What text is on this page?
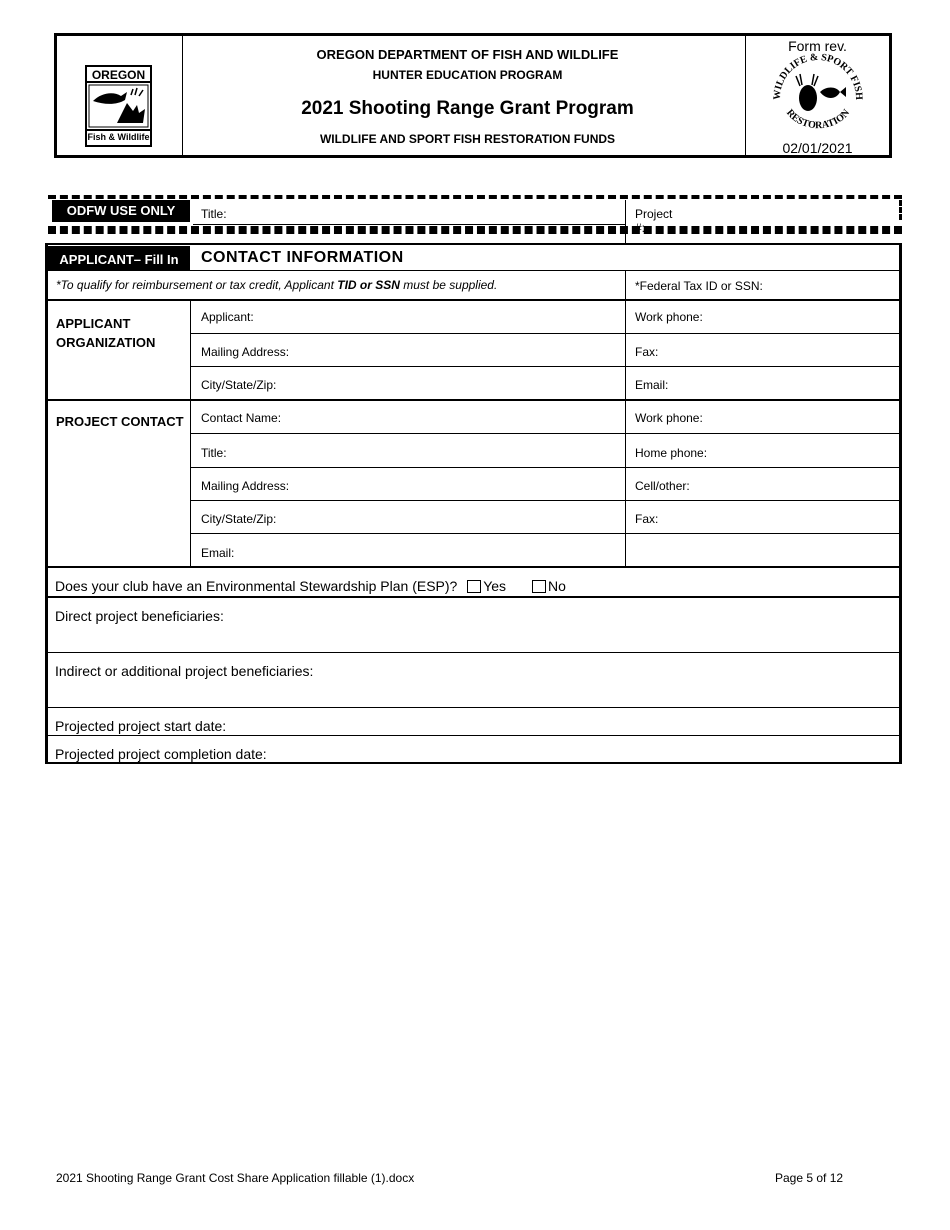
OREGON
Fish & Wildlife
OREGON DEPARTMENT OF FISH AND WILDLIFE
HUNTER EDUCATION PROGRAM
2021 Shooting Range Grant Program
WILDLIFE AND SPORT FISH RESTORATION FUNDS
Form rev.
WILDLIFE & SPORT FISH
RESTORATION
02/01/2021
ODFW USE ONLY	Title:	Project #:
APPLICANT– Fill In	CONTACT INFORMATION
*To qualify for reimbursement or tax credit, Applicant TID or SSN must be supplied.	*Federal Tax ID or SSN:
APPLICANT
ORGANIZATION
Applicant:	Work phone:
Mailing Address:	Fax:
City/State/Zip:	Email:
PROJECT CONTACT Contact Name:	Work phone:
Title:	Home phone:
Mailing Address:	Cell/other:
City/State/Zip:	Fax:
Email:
Does your club have an Environmental Stewardship Plan (ESP)? Yes	No
Direct project beneficiaries:
Indirect or additional project beneficiaries:
Projected project start date:
Projected project completion date:
2021 Shooting Range Grant Cost Share Application fillable (1).docx	Page 5 of 12
